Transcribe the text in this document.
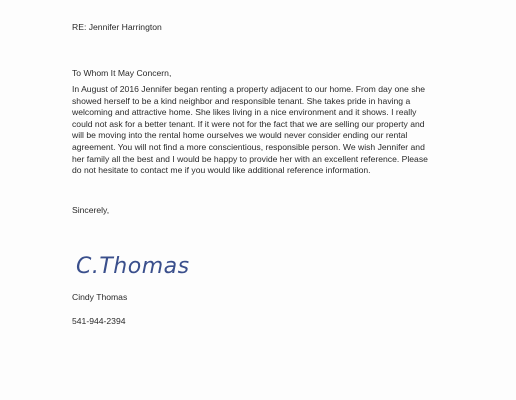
RE: Jennifer Harrington
To Whom It May Concern,
In August of 2016 Jennifer began renting a property adjacent to our home. From day one she
showed herself to be a kind neighbor and responsible tenant. She takes pride in having a
welcoming and attractive home. She likes living in a nice environment and it shows. I really
could not ask for a better tenant. If it were not for the fact that we are selling our property and
will be moving into the rental home ourselves we would never consider ending our rental
agreement. You will not find a more conscientious, responsible person. We wish Jennifer and
her family all the best and I would be happy to provide her with an excellent reference. Please
do not hesitate to contact me if you would like additional reference information.
Sincerely,
C.Thomas
Cindy Thomas
541-944-2394
